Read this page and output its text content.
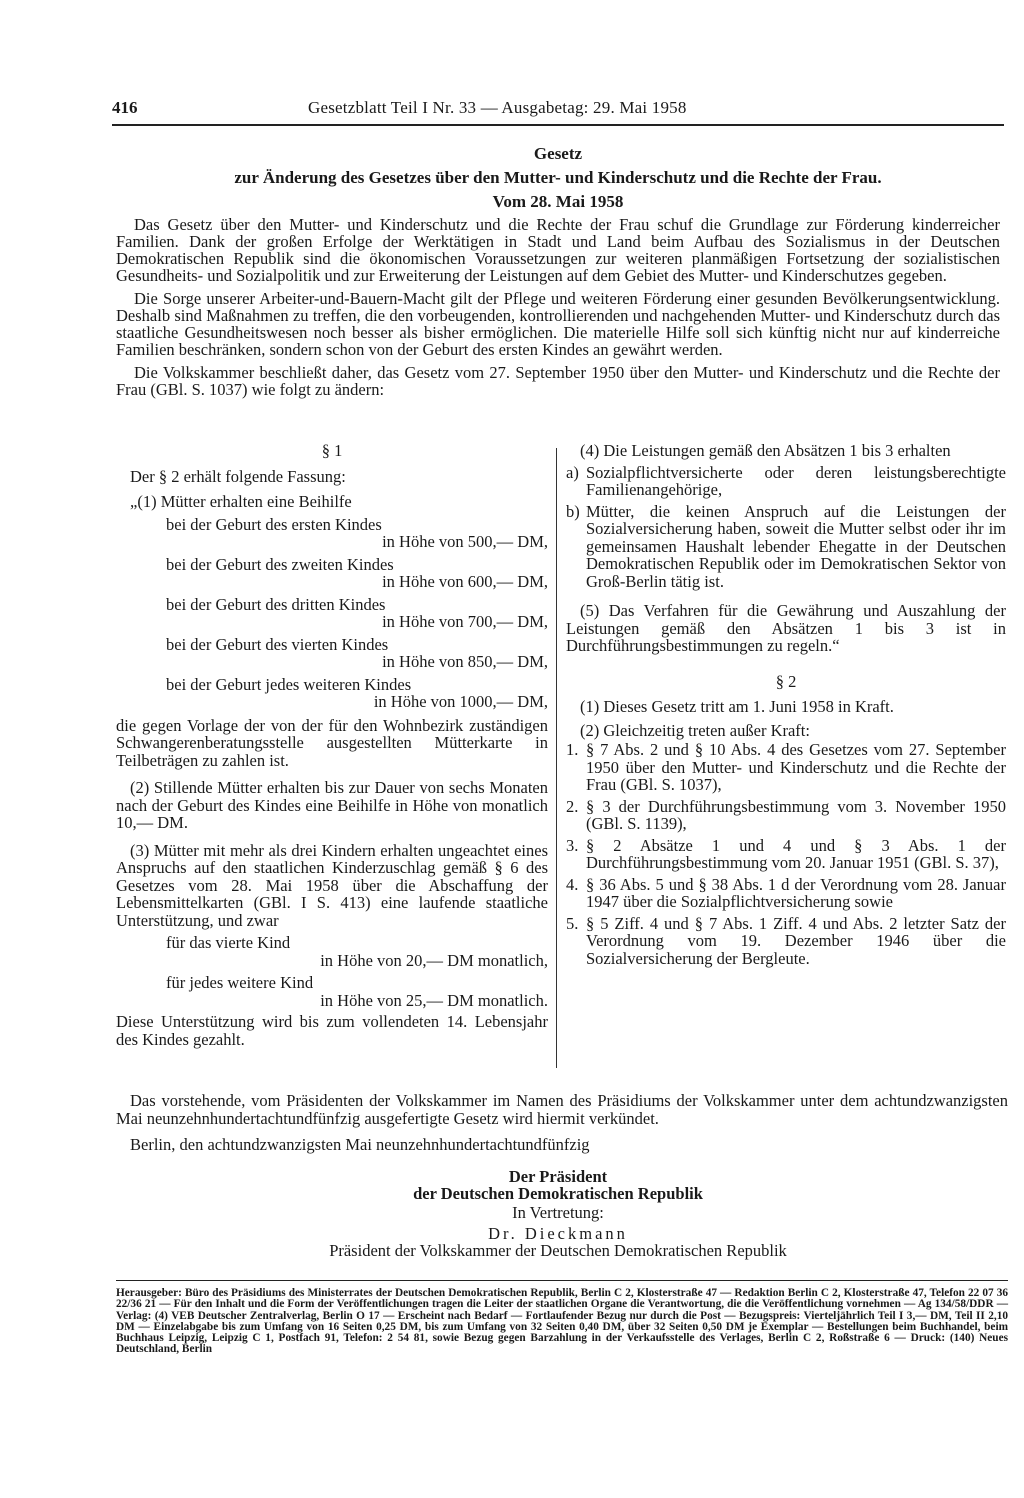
416	Gesetzblatt Teil I Nr. 33 — Ausgabetag: 29. Mai 1958
Gesetz
zur Änderung des Gesetzes über den Mutter- und Kinderschutz und die Rechte der Frau.
Vom 28. Mai 1958

Das Gesetz über den Mutter- und Kinderschutz und die Rechte der Frau schuf die Grundlage zur Förderung kinderreicher Familien. Dank der großen Erfolge der Werktätigen in Stadt und Land beim Aufbau des Sozialismus in der Deutschen Demokratischen Republik sind die ökonomischen Voraussetzungen zur weiteren planmäßigen Fortsetzung der sozialistischen Gesundheits- und Sozialpolitik und zur Erweiterung der Leistungen auf dem Gebiet des Mutter- und Kinderschutzes gegeben.

Die Sorge unserer Arbeiter-und-Bauern-Macht gilt der Pflege und weiteren Förderung einer gesunden Bevölkerungsentwicklung. Deshalb sind Maßnahmen zu treffen, die den vorbeugenden, kontrollierenden und nachgehenden Mutter- und Kinderschutz durch das staatliche Gesundheitswesen noch besser als bisher ermöglichen. Die materielle Hilfe soll sich künftig nicht nur auf kinderreiche Familien beschränken, sondern schon von der Geburt des ersten Kindes an gewährt werden.

Die Volkskammer beschließt daher, das Gesetz vom 27. September 1950 über den Mutter- und Kinderschutz und die Rechte der Frau (GBl. S. 1037) wie folgt zu ändern:

§ 1

Der § 2 erhält folgende Fassung:

„(1) Mütter erhalten eine Beihilfe

bei der Geburt des ersten Kindes
in Höhe von 500,— DM,
bei der Geburt des zweiten Kindes
in Höhe von 600,— DM,
bei der Geburt des dritten Kindes
in Höhe von 700,— DM,
bei der Geburt des vierten Kindes
in Höhe von 850,— DM,
bei der Geburt jedes weiteren Kindes
in Höhe von 1000,— DM,

die gegen Vorlage der von der für den Wohnbezirk zuständigen Schwangerenberatungsstelle ausgestellten Mütterkarte in Teilbeträgen zu zahlen ist.

(2) Stillende Mütter erhalten bis zur Dauer von sechs Monaten nach der Geburt des Kindes eine Beihilfe in Höhe von monatlich 10,— DM.

(3) Mütter mit mehr als drei Kindern erhalten ungeachtet eines Anspruchs auf den staatlichen Kinderzuschlag gemäß § 6 des Gesetzes vom 28. Mai 1958 über die Abschaffung der Lebensmittelkarten (GBl. I S. 413) eine laufende staatliche Unterstützung, und zwar

für das vierte Kind
in Höhe von 20,— DM monatlich,
für jedes weitere Kind
in Höhe von 25,— DM monatlich.

Diese Unterstützung wird bis zum vollendeten 14. Lebensjahr des Kindes gezahlt.

(4) Die Leistungen gemäß den Absätzen 1 bis 3 erhalten

a) Sozialpflichtversicherte oder deren leistungsberechtigte Familienangehörige,
b) Mütter, die keinen Anspruch auf die Leistungen der Sozialversicherung haben, soweit die Mutter selbst oder ihr im gemeinsamen Haushalt lebender Ehegatte in der Deutschen Demokratischen Republik oder im Demokratischen Sektor von Groß-Berlin tätig ist.

(5) Das Verfahren für die Gewährung und Auszahlung der Leistungen gemäß den Absätzen 1 bis 3 ist in Durchführungsbestimmungen zu regeln.“

§ 2

(1) Dieses Gesetz tritt am 1. Juni 1958 in Kraft.

(2) Gleichzeitig treten außer Kraft:

1. § 7 Abs. 2 und § 10 Abs. 4 des Gesetzes vom 27. September 1950 über den Mutter- und Kinderschutz und die Rechte der Frau (GBl. S. 1037),
2. § 3 der Durchführungsbestimmung vom 3. November 1950 (GBl. S. 1139),
3. § 2 Absätze 1 und 4 und § 3 Abs. 1 der Durchführungsbestimmung vom 20. Januar 1951 (GBl. S. 37),
4. § 36 Abs. 5 und § 38 Abs. 1 d der Verordnung vom 28. Januar 1947 über die Sozialpflichtversicherung sowie
5. § 5 Ziff. 4 und § 7 Abs. 1 Ziff. 4 und Abs. 2 letzter Satz der Verordnung vom 19. Dezember 1946 über die Sozialversicherung der Bergleute.

Das vorstehende, vom Präsidenten der Volkskammer im Namen des Präsidiums der Volkskammer unter dem achtundzwanzigsten Mai neunzehnhundertachtundfünfzig ausgefertigte Gesetz wird hiermit verkündet.

Berlin, den achtundzwanzigsten Mai neunzehnhundertachtundfünfzig

Der Präsident
der Deutschen Demokratischen Republik
In Vertretung:
Dr. Dieckmann
Präsident der Volkskammer der Deutschen Demokratischen Republik
Herausgeber: Büro des Präsidiums des Ministerrates der Deutschen Demokratischen Republik, Berlin C 2, Klosterstraße 47 — Redaktion Berlin C 2, Klosterstraße 47, Telefon 22 07 36 22/36 21 — Für den Inhalt und die Form der Veröffentlichungen tragen die Leiter der staatlichen Organe die Verantwortung, die die Veröffentlichung vornehmen — Ag 134/58/DDR — Verlag: (4) VEB Deutscher Zentralverlag, Berlin O 17 — Erscheint nach Bedarf — Fortlaufender Bezug nur durch die Post — Bezugspreis: Vierteljährlich Teil I 3,— DM, Teil II 2,10 DM — Einzelabgabe bis zum Umfang von 16 Seiten 0,25 DM, bis zum Umfang von 32 Seiten 0,40 DM, über 32 Seiten 0,50 DM je Exemplar — Bestellungen beim Buchhandel, beim Buchhaus Leipzig, Leipzig C 1, Postfach 91, Telefon: 2 54 81, sowie Bezug gegen Barzahlung in der Verkaufsstelle des Verlages, Berlin C 2, Roßstraße 6 — Druck: (140) Neues Deutschland, Berlin
